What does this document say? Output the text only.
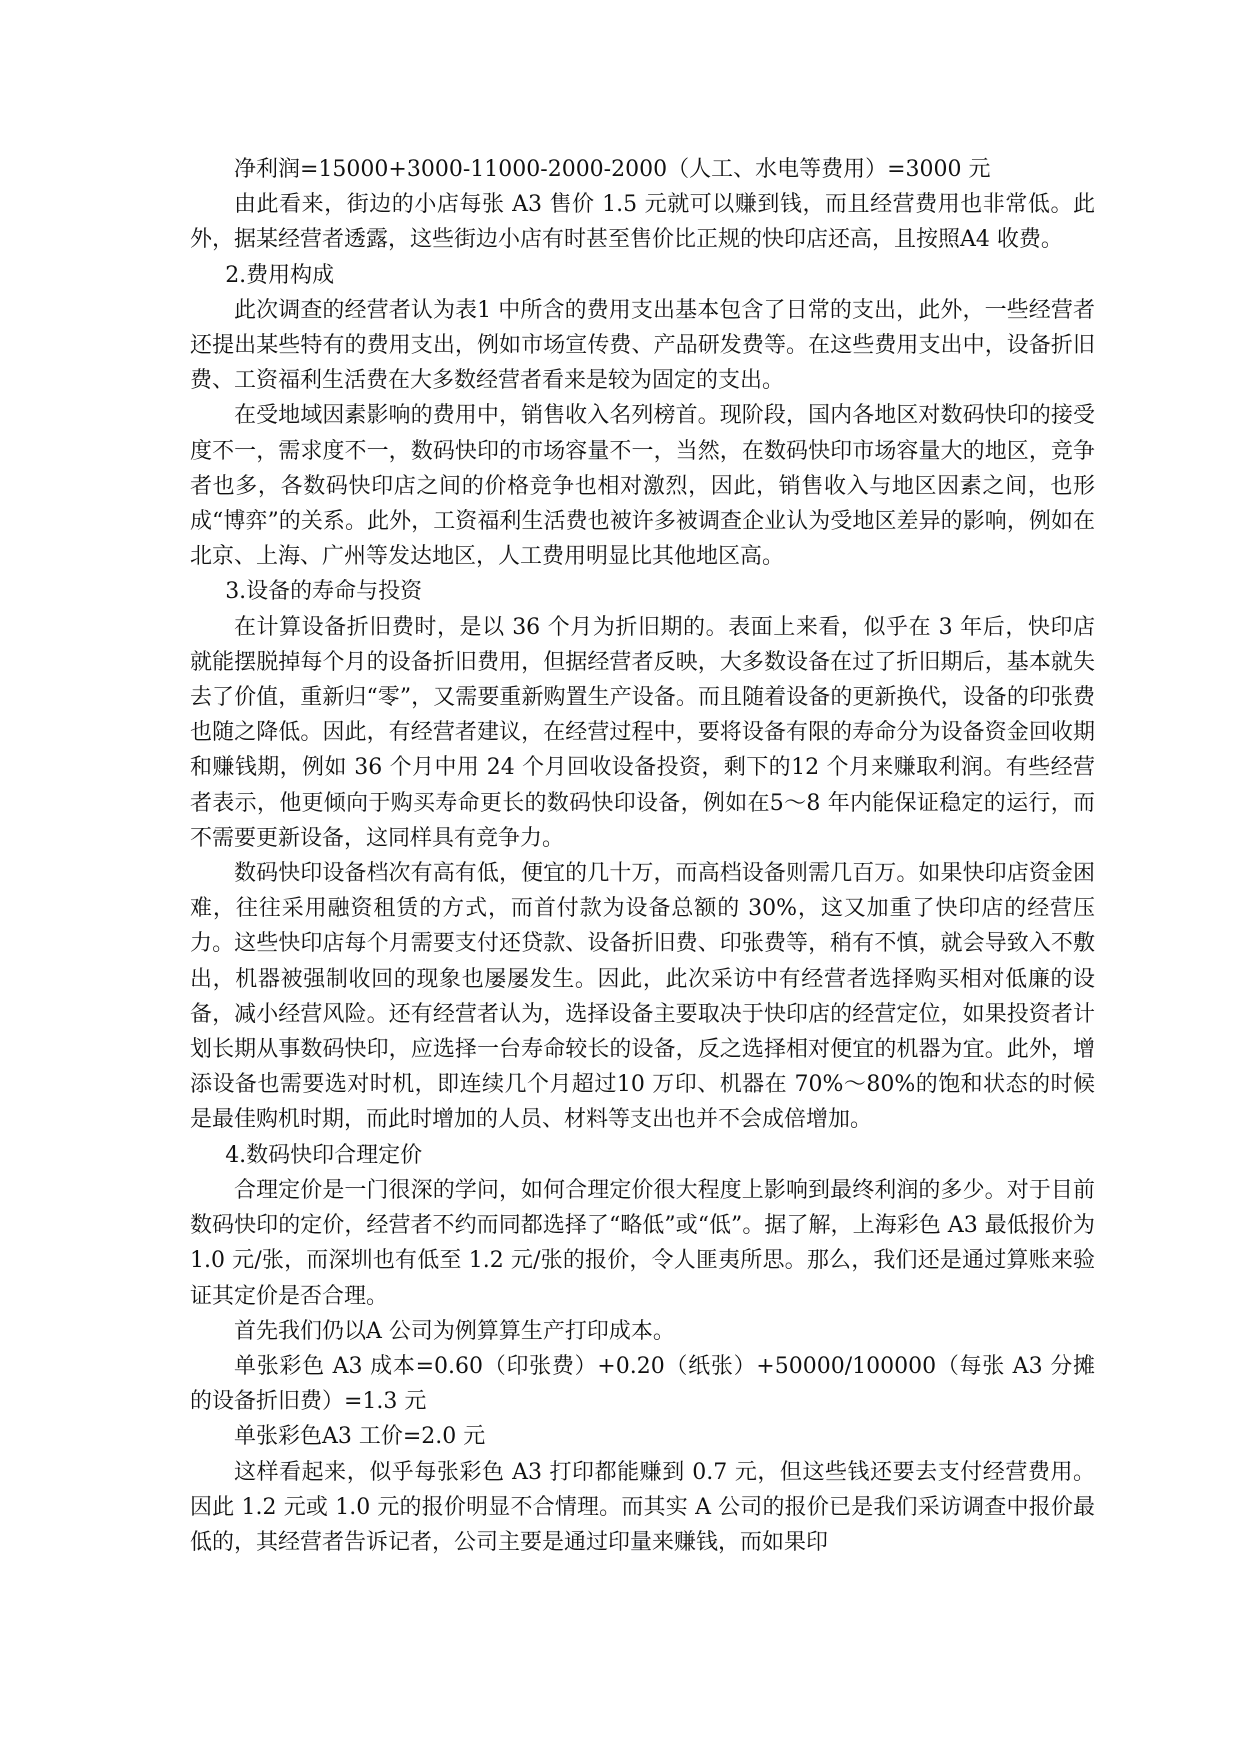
净利润=15000+3000-11000-2000-2000（人工、水电等费用）=3000 元

由此看来，街边的小店每张 A3 售价 1.5 元就可以赚到钱，而且经营费用也非常低。此外，据某经营者透露，这些街边小店有时甚至售价比正规的快印店还高，且按照A4 收费。

2.费用构成

此次调查的经营者认为表1 中所含的费用支出基本包含了日常的支出，此外，一些经营者还提出某些特有的费用支出，例如市场宣传费、产品研发费等。在这些费用支出中，设备折旧费、工资福利生活费在大多数经营者看来是较为固定的支出。

在受地域因素影响的费用中，销售收入名列榜首。现阶段，国内各地区对数码快印的接受度不一，需求度不一，数码快印的市场容量不一，当然，在数码快印市场容量大的地区，竞争者也多，各数码快印店之间的价格竞争也相对激烈，因此，销售收入与地区因素之间，也形成“博弈”的关系。此外，工资福利生活费也被许多被调查企业认为受地区差异的影响，例如在北京、上海、广州等发达地区，人工费用明显比其他地区高。

3.设备的寿命与投资

在计算设备折旧费时，是以 36 个月为折旧期的。表面上来看，似乎在 3 年后，快印店就能摆脱掉每个月的设备折旧费用，但据经营者反映，大多数设备在过了折旧期后，基本就失去了价值，重新归“零”，又需要重新购置生产设备。而且随着设备的更新换代，设备的印张费也随之降低。因此，有经营者建议，在经营过程中，要将设备有限的寿命分为设备资金回收期和赚钱期，例如 36 个月中用 24 个月回收设备投资，剩下的12 个月来赚取利润。有些经营者表示，他更倾向于购买寿命更长的数码快印设备，例如在5～8 年内能保证稳定的运行，而不需要更新设备，这同样具有竞争力。

数码快印设备档次有高有低，便宜的几十万，而高档设备则需几百万。如果快印店资金困难，往往采用融资租赁的方式，而首付款为设备总额的 30%，这又加重了快印店的经营压力。这些快印店每个月需要支付还贷款、设备折旧费、印张费等，稍有不慎，就会导致入不敷出，机器被强制收回的现象也屡屡发生。因此，此次采访中有经营者选择购买相对低廉的设备，减小经营风险。还有经营者认为，选择设备主要取决于快印店的经营定位，如果投资者计划长期从事数码快印，应选择一台寿命较长的设备，反之选择相对便宜的机器为宜。此外，增添设备也需要选对时机，即连续几个月超过10 万印、机器在 70%～80%的饱和状态的时候是最佳购机时期，而此时增加的人员、材料等支出也并不会成倍增加。

4.数码快印合理定价

合理定价是一门很深的学问，如何合理定价很大程度上影响到最终利润的多少。对于目前数码快印的定价，经营者不约而同都选择了“略低”或“低”。据了解，上海彩色 A3 最低报价为 1.0 元/张，而深圳也有低至 1.2 元/张的报价，令人匪夷所思。那么，我们还是通过算账来验证其定价是否合理。

首先我们仍以A 公司为例算算生产打印成本。

单张彩色 A3 成本=0.60（印张费）+0.20（纸张）+50000/100000（每张 A3 分摊的设备折旧费）=1.3 元

单张彩色A3 工价=2.0 元

这样看起来，似乎每张彩色 A3 打印都能赚到 0.7 元，但这些钱还要去支付经营费用。因此 1.2 元或 1.0 元的报价明显不合情理。而其实 A 公司的报价已是我们采访调查中报价最低的，其经营者告诉记者，公司主要是通过印量来赚钱，而如果印
